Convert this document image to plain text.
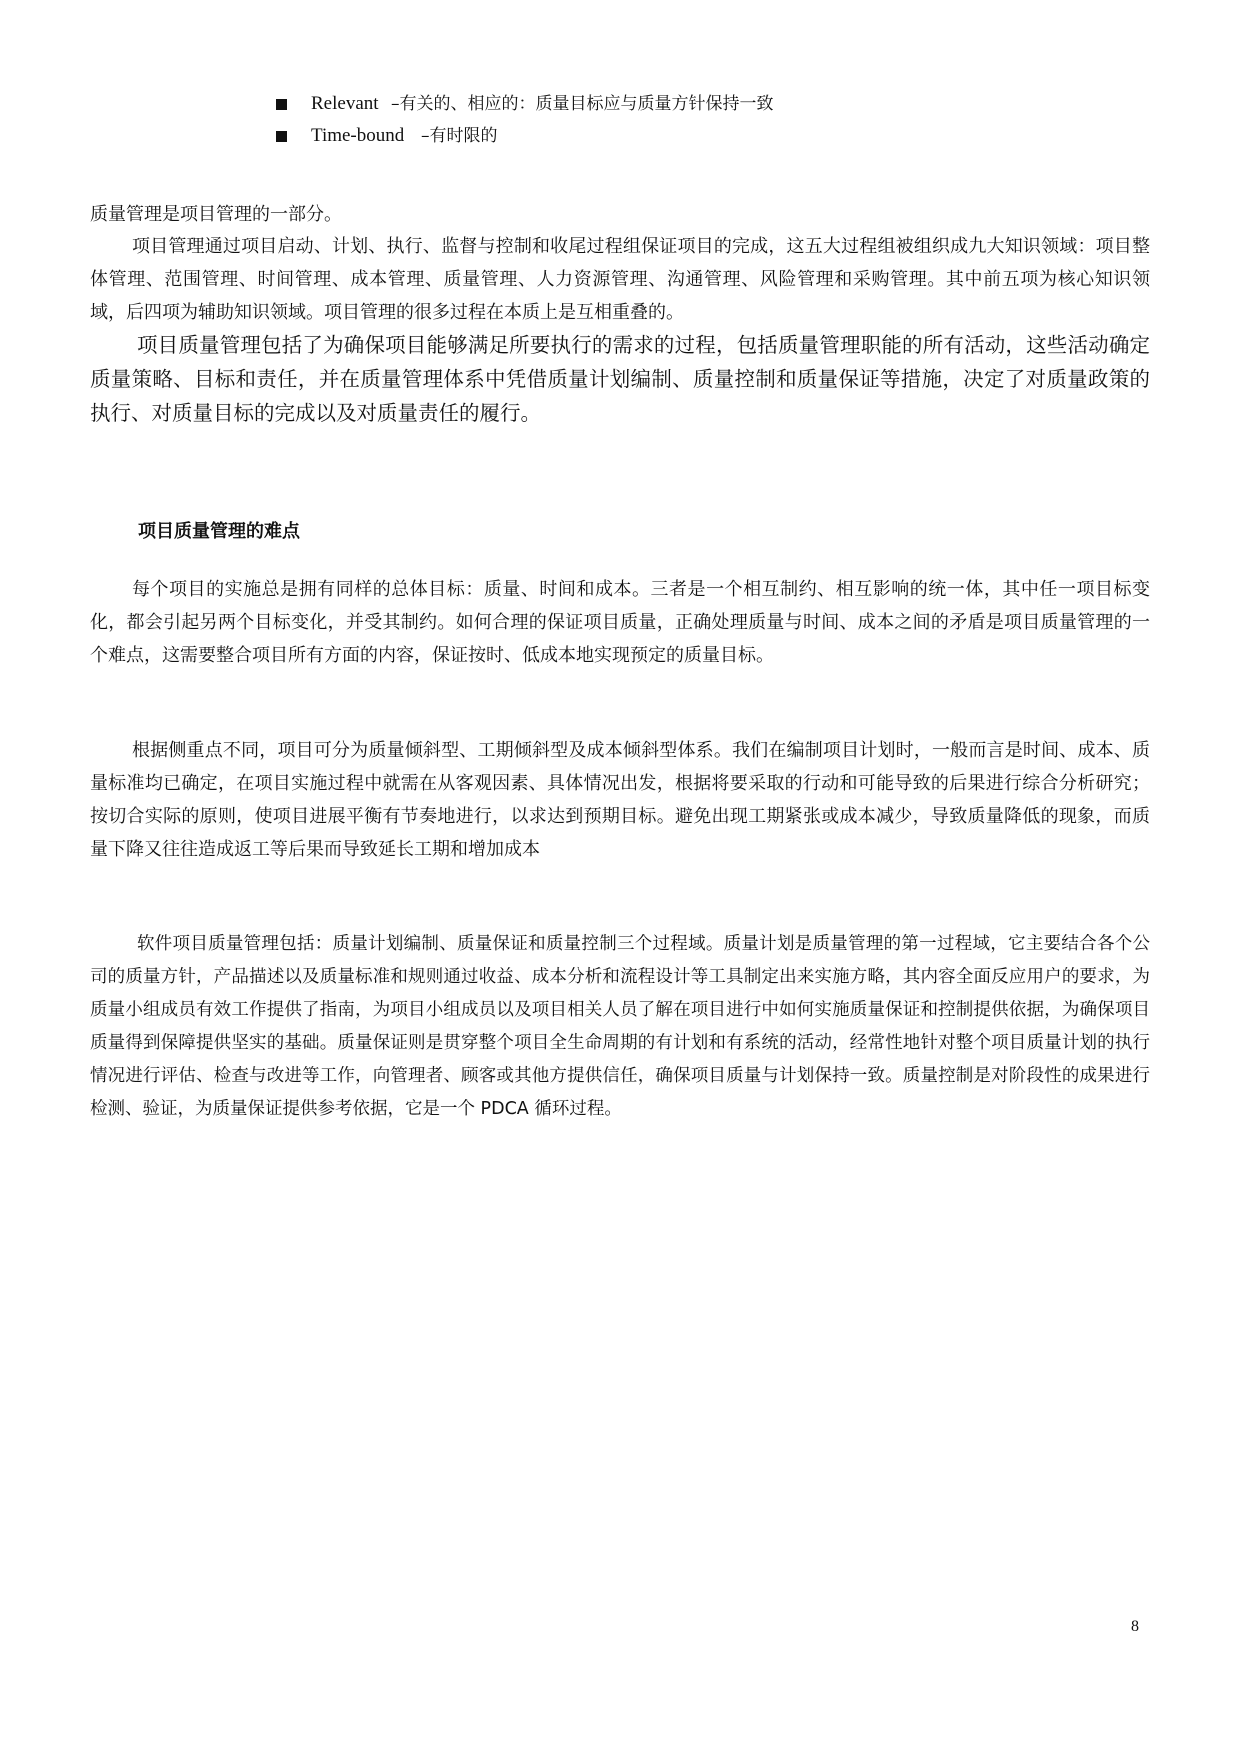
Relevant –有关的、相应的：质量目标应与质量方针保持一致
Time-bound –有时限的

质量管理是项目管理的一部分。

项目管理通过项目启动、计划、执行、监督与控制和收尾过程组保证项目的完成，这五大过程组被组织成九大知识领域：项目整体管理、范围管理、时间管理、成本管理、质量管理、人力资源管理、沟通管理、风险管理和采购管理。其中前五项为核心知识领域，后四项为辅助知识领域。项目管理的很多过程在本质上是互相重叠的。

项目质量管理包括了为确保项目能够满足所要执行的需求的过程，包括质量管理职能的所有活动，这些活动确定质量策略、目标和责任，并在质量管理体系中凭借质量计划编制、质量控制和质量保证等措施，决定了对质量政策的执行、对质量目标的完成以及对质量责任的履行。

项目质量管理的难点

每个项目的实施总是拥有同样的总体目标：质量、时间和成本。三者是一个相互制约、相互影响的统一体，其中任一项目标变化，都会引起另两个目标变化，并受其制约。如何合理的保证项目质量，正确处理质量与时间、成本之间的矛盾是项目质量管理的一个难点，这需要整合项目所有方面的内容，保证按时、低成本地实现预定的质量目标。

根据侧重点不同，项目可分为质量倾斜型、工期倾斜型及成本倾斜型体系。我们在编制项目计划时，一般而言是时间、成本、质量标准均已确定，在项目实施过程中就需在从客观因素、具体情况出发，根据将要采取的行动和可能导致的后果进行综合分析研究；按切合实际的原则，使项目进展平衡有节奏地进行，以求达到预期目标。避免出现工期紧张或成本减少，导致质量降低的现象，而质量下降又往往造成返工等后果而导致延长工期和增加成本

软件项目质量管理包括：质量计划编制、质量保证和质量控制三个过程域。质量计划是质量管理的第一过程域，它主要结合各个公司的质量方针，产品描述以及质量标准和规则通过收益、成本分析和流程设计等工具制定出来实施方略，其内容全面反应用户的要求，为质量小组成员有效工作提供了指南，为项目小组成员以及项目相关人员了解在项目进行中如何实施质量保证和控制提供依据，为确保项目质量得到保障提供坚实的基础。质量保证则是贯穿整个项目全生命周期的有计划和有系统的活动，经常性地针对整个项目质量计划的执行情况进行评估、检查与改进等工作，向管理者、顾客或其他方提供信任，确保项目质量与计划保持一致。质量控制是对阶段性的成果进行检测、验证，为质量保证提供参考依据，它是一个 PDCA 循环过程。

8
